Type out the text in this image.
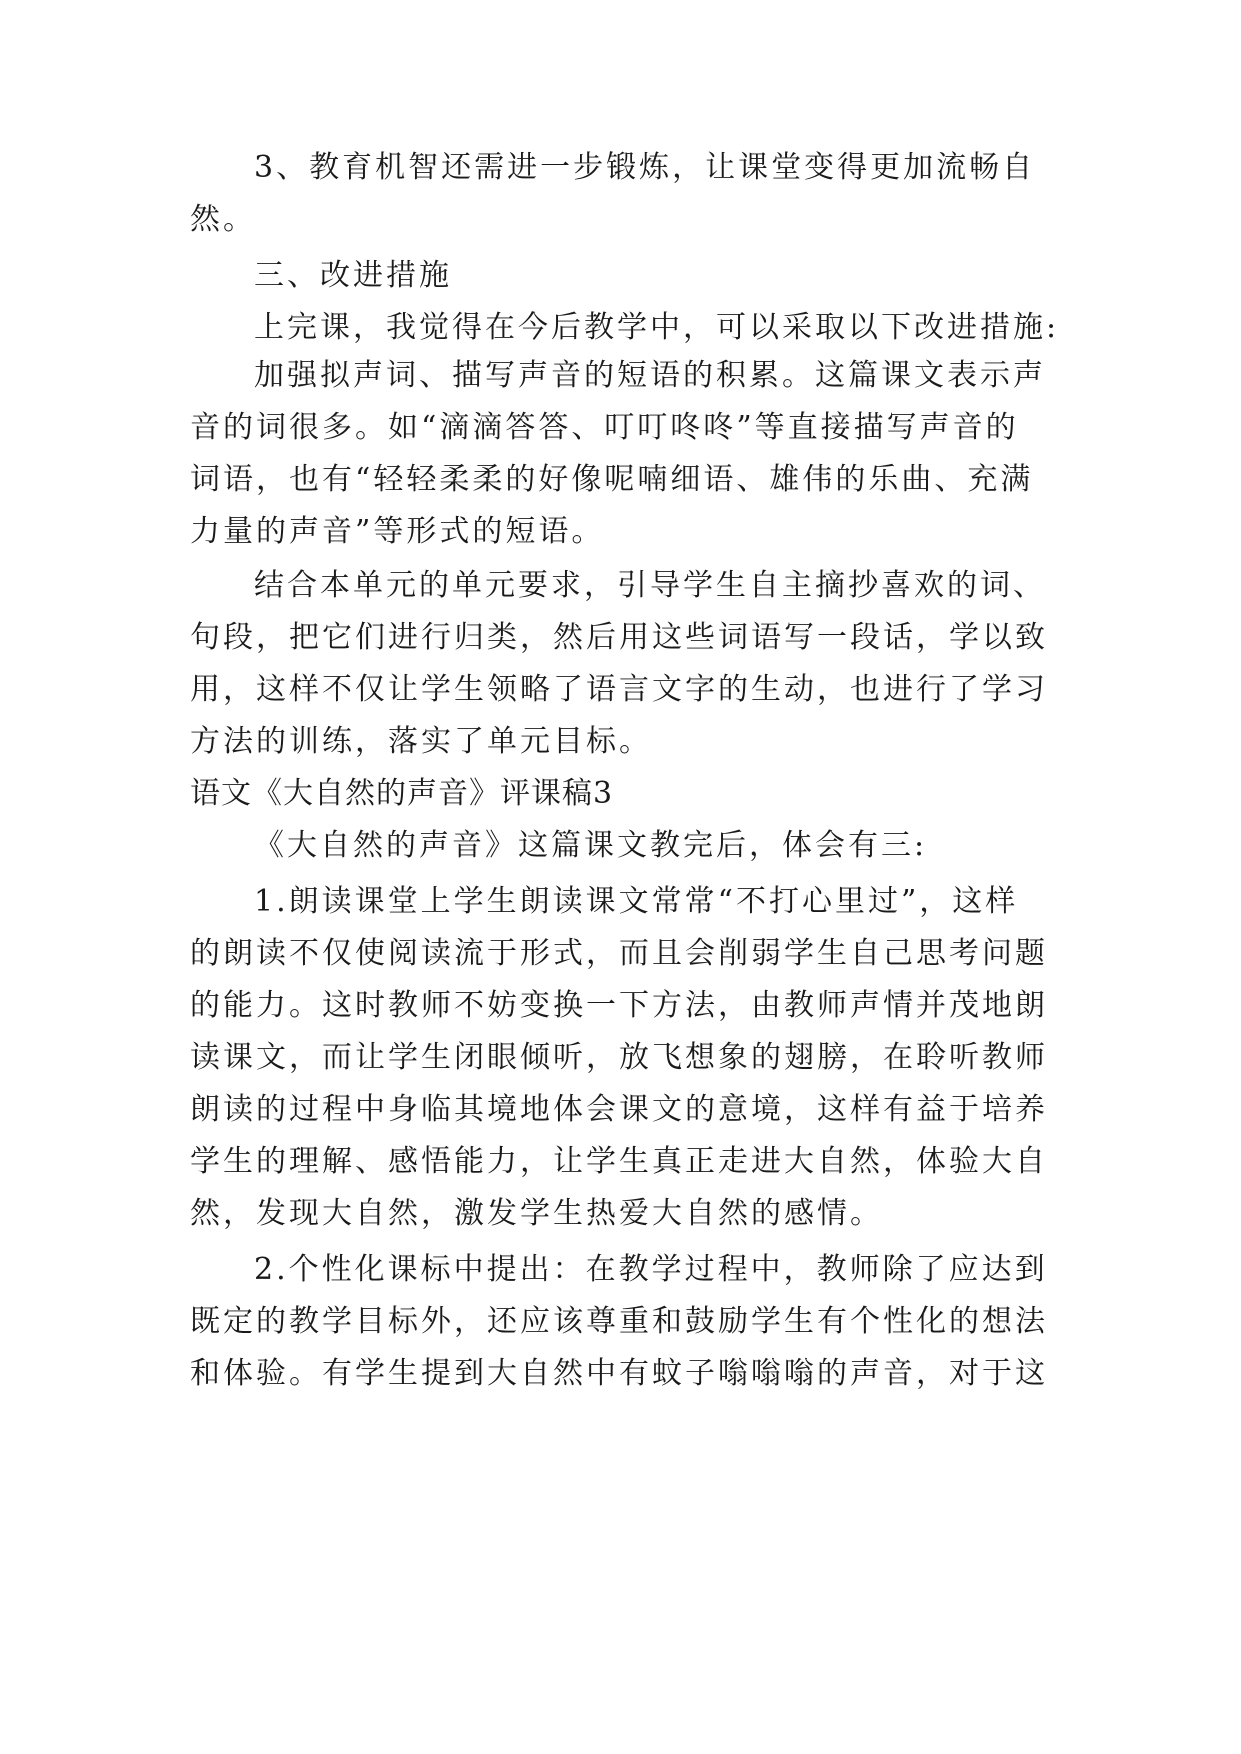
3、教育机智还需进一步锻炼，让课堂变得更加流畅自
然。
三、改进措施
上完课，我觉得在今后教学中，可以采取以下改进措施:
加强拟声词、描写声音的短语的积累。这篇课文表示声
音的词很多。如“滴滴答答、叮叮咚咚”等直接描写声音的
词语，也有“轻轻柔柔的好像呢喃细语、雄伟的乐曲、充满
力量的声音”等形式的短语。
结合本单元的单元要求，引导学生自主摘抄喜欢的词、
句段，把它们进行归类，然后用这些词语写一段话，学以致
用，这样不仅让学生领略了语言文字的生动，也进行了学习
方法的训练，落实了单元目标。
语文《大自然的声音》评课稿3
《大自然的声音》这篇课文教完后，体会有三:
1.朗读课堂上学生朗读课文常常“不打心里过”，这样
的朗读不仅使阅读流于形式，而且会削弱学生自己思考问题
的能力。这时教师不妨变换一下方法，由教师声情并茂地朗
读课文，而让学生闭眼倾听，放飞想象的翅膀，在聆听教师
朗读的过程中身临其境地体会课文的意境，这样有益于培养
学生的理解、感悟能力，让学生真正走进大自然，体验大自
然，发现大自然，激发学生热爱大自然的感情。
2.个性化课标中提出：在教学过程中，教师除了应达到
既定的教学目标外，还应该尊重和鼓励学生有个性化的想法
和体验。有学生提到大自然中有蚊子嗡嗡嗡的声音，对于这
